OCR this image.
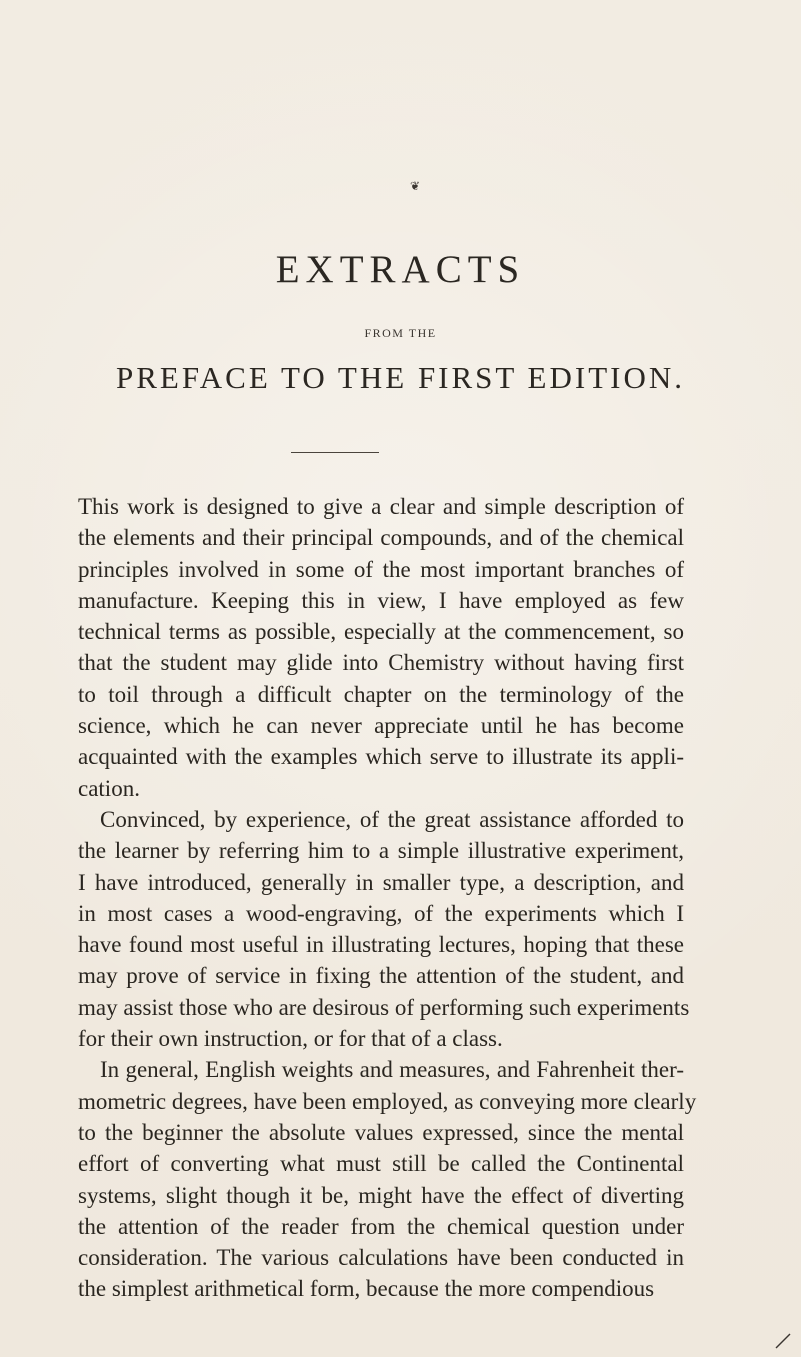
❦
EXTRACTS
FROM THE
PREFACE TO THE FIRST EDITION.

This work is designed to give a clear and simple description of
the elements and their principal compounds, and of the chemical
principles involved in some of the most important branches of
manufacture. Keeping this in view, I have employed as few
technical terms as possible, especially at the commencement, so
that the student may glide into Chemistry without having first
to toil through a difficult chapter on the terminology of the
science, which he can never appreciate until he has become
acquainted with the examples which serve to illustrate its appli-
cation.

Convinced, by experience, of the great assistance afforded to
the learner by referring him to a simple illustrative experiment,
I have introduced, generally in smaller type, a description, and
in most cases a wood-engraving, of the experiments which I
have found most useful in illustrating lectures, hoping that these
may prove of service in fixing the attention of the student, and
may assist those who are desirous of performing such experiments
for their own instruction, or for that of a class.

In general, English weights and measures, and Fahrenheit ther-
mometric degrees, have been employed, as conveying more clearly
to the beginner the absolute values expressed, since the mental
effort of converting what must still be called the Continental
systems, slight though it be, might have the effect of diverting
the attention of the reader from the chemical question under
consideration. The various calculations have been conducted in
the simplest arithmetical form, because the more compendious
